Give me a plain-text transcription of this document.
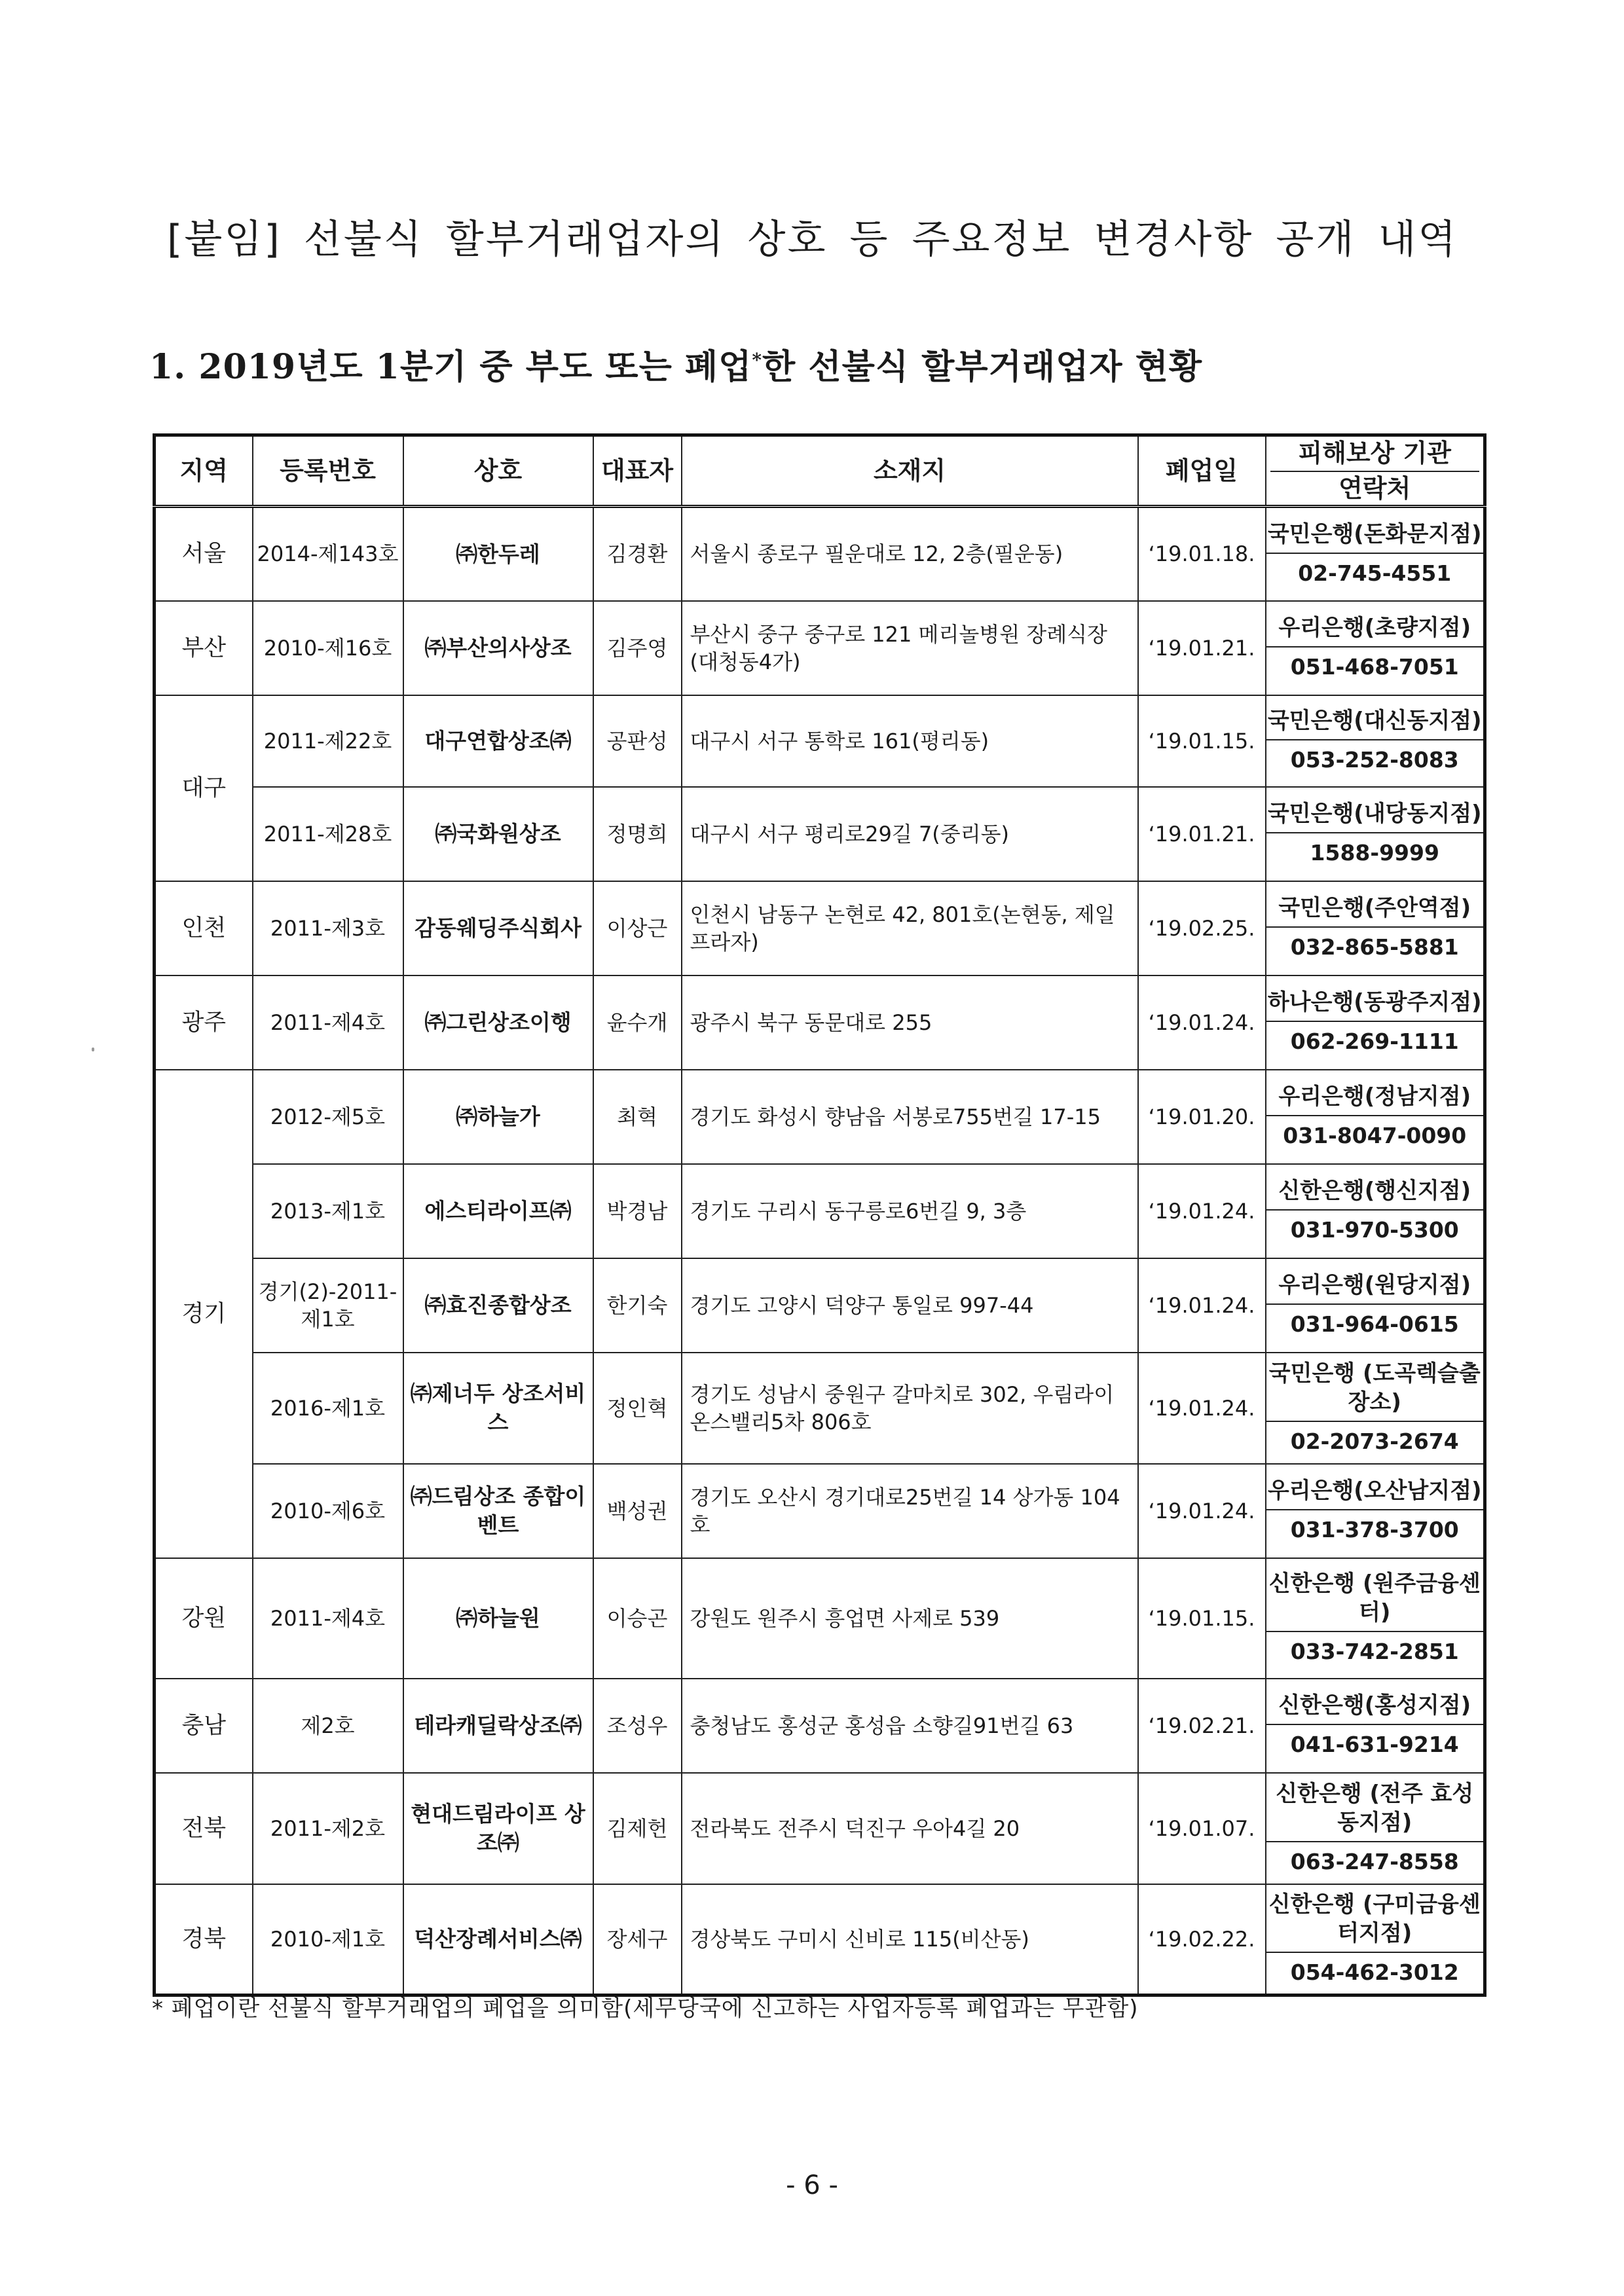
[붙임] 선불식 할부거래업자의 상호 등 주요정보 변경사항 공개 내역
1. 2019년도 1분기 중 부도 또는 폐업*한 선불식 할부거래업자 현황
지역	등록번호	상호	대표자	소재지	폐업일	피해보상 기관
연락처

서울	2014-제143호	㈜한두레	김경환	서울시 종로구 필운대로 12, 2층(필운동)	‘19.01.18.	국민은행(돈화문지점)
02-745-4551

부산	2010-제16호	㈜부산의사상조	김주영	부산시 중구 중구로 121 메리놀병원 장례식장(대청동4가)	‘19.01.21.	우리은행(초량지점)
051-468-7051

대구	2011-제22호	대구연합상조㈜	공판성	대구시 서구 통학로 161(평리동)	‘19.01.15.	국민은행(대신동지점)
053-252-8083

	2011-제28호	㈜국화원상조	정명희	대구시 서구 평리로29길 7(중리동)	‘19.01.21.	국민은행(내당동지점)
1588-9999

인천	2011-제3호	감동웨딩주식회사	이상근	인천시 남동구 논현로 42, 801호(논현동, 제일프라자)	‘19.02.25.	국민은행(주안역점)
032-865-5881

광주	2011-제4호	㈜그린상조이행	윤수개	광주시 북구 동문대로 255	‘19.01.24.	하나은행(동광주지점)
062-269-1111

경기	2012-제5호	㈜하늘가	최혁	경기도 화성시 향남읍 서봉로755번길 17-15	‘19.01.20.	우리은행(정남지점)
031-8047-0090

	2013-제1호	에스티라이프㈜	박경남	경기도 구리시 동구릉로6번길 9, 3층	‘19.01.24.	신한은행(행신지점)
031-970-5300

	경기(2)-2011-제1호	㈜효진종합상조	한기숙	경기도 고양시 덕양구 통일로 997-44	‘19.01.24.	우리은행(원당지점)
031-964-0615

	2016-제1호	㈜제너두 상조서비스	정인혁	경기도 성남시 중원구 갈마치로 302, 우림라이온스밸리5차 806호	‘19.01.24.	국민은행 (도곡렉슬출장소)
02-2073-2674

	2010-제6호	㈜드림상조 종합이벤트	백성권	경기도 오산시 경기대로25번길 14 상가동 104호	‘19.01.24.	우리은행(오산남지점)
031-378-3700

강원	2011-제4호	㈜하늘원	이승곤	강원도 원주시 흥업면 사제로 539	‘19.01.15.	신한은행 (원주금융센터)
033-742-2851

충남	제2호	테라캐딜락상조㈜	조성우	충청남도 홍성군 홍성읍 소향길91번길 63	‘19.02.21.	신한은행(홍성지점)
041-631-9214

전북	2011-제2호	현대드림라이프 상조㈜	김제헌	전라북도 전주시 덕진구 우아4길 20	‘19.01.07.	신한은행 (전주 효성동지점)
063-247-8558

경북	2010-제1호	덕산장례서비스㈜	장세구	경상북도 구미시 신비로 115(비산동)	‘19.02.22.	신한은행 (구미금융센터지점)
054-462-3012
* 폐업이란 선불식 할부거래업의 폐업을 의미함(세무당국에 신고하는 사업자등록 폐업과는 무관함)
- 6 -
